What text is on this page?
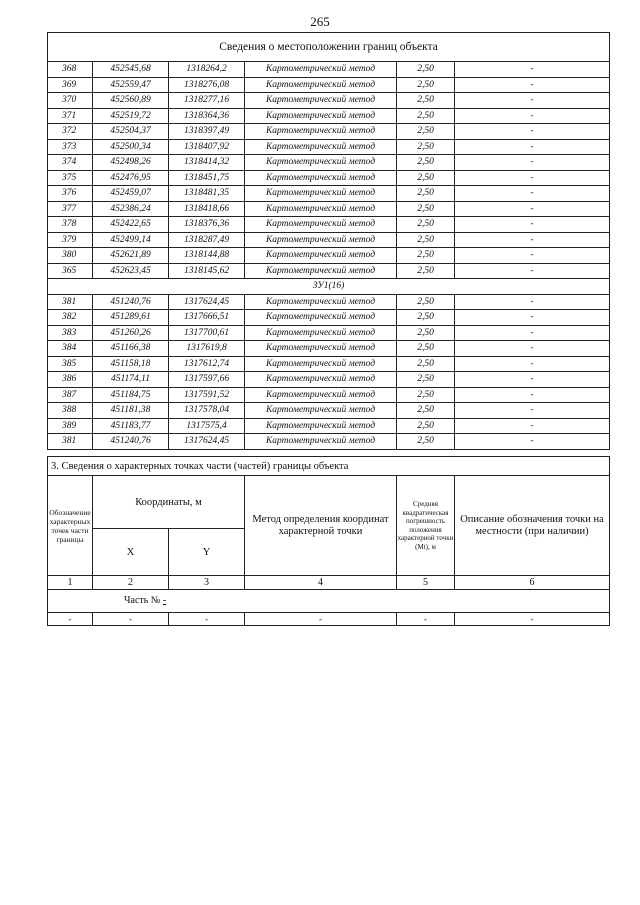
265
Сведения о местоположении границ объекта					
368	452545,68	1318264,2	Картометрический метод	2,50	-
369	452559,47	1318276,08	Картометрический метод	2,50	-
370	452560,89	1318277,16	Картометрический метод	2,50	-
371	452519,72	1318364,36	Картометрический метод	2,50	-
372	452504,37	1318397,49	Картометрический метод	2,50	-
373	452500,34	1318407,92	Картометрический метод	2,50	-
374	452498,26	1318414,32	Картометрический метод	2,50	-
375	452476,95	1318451,75	Картометрический метод	2,50	-
376	452459,07	1318481,35	Картометрический метод	2,50	-
377	452386,24	1318418,66	Картометрический метод	2,50	-
378	452422,65	1318376,36	Картометрический метод	2,50	-
379	452499,14	1318287,49	Картометрический метод	2,50	-
380	452621,89	1318144,88	Картометрический метод	2,50	-
365	452623,45	1318145,62	Картометрический метод	2,50	-
ЗУ1(16)					
381	451240,76	1317624,45	Картометрический метод	2,50	-
382	451289,61	1317666,51	Картометрический метод	2,50	-
383	451260,26	1317700,61	Картометрический метод	2,50	-
384	451166,38	1317619,8	Картометрический метод	2,50	-
385	451158,18	1317612,74	Картометрический метод	2,50	-
386	451174,11	1317597,66	Картометрический метод	2,50	-
387	451184,75	1317591,52	Картометрический метод	2,50	-
388	451181,38	1317578,04	Картометрический метод	2,50	-
389	451183,77	1317575,4	Картометрический метод	2,50	-
381	451240,76	1317624,45	Картометрический метод	2,50	-
3. Сведения о характерных точках части (частей) границы объекта					
Обозначение характерных точек части границы	Координаты, м		Метод определения координат характерной точки	Средняя квадратическая погрешность положения характерной точки (Mt), м	Описание обозначения точки на местности (при наличии)
	X	Y			
1	2	3	4	5	6
Часть № -					
-	-	-	-	-	-
